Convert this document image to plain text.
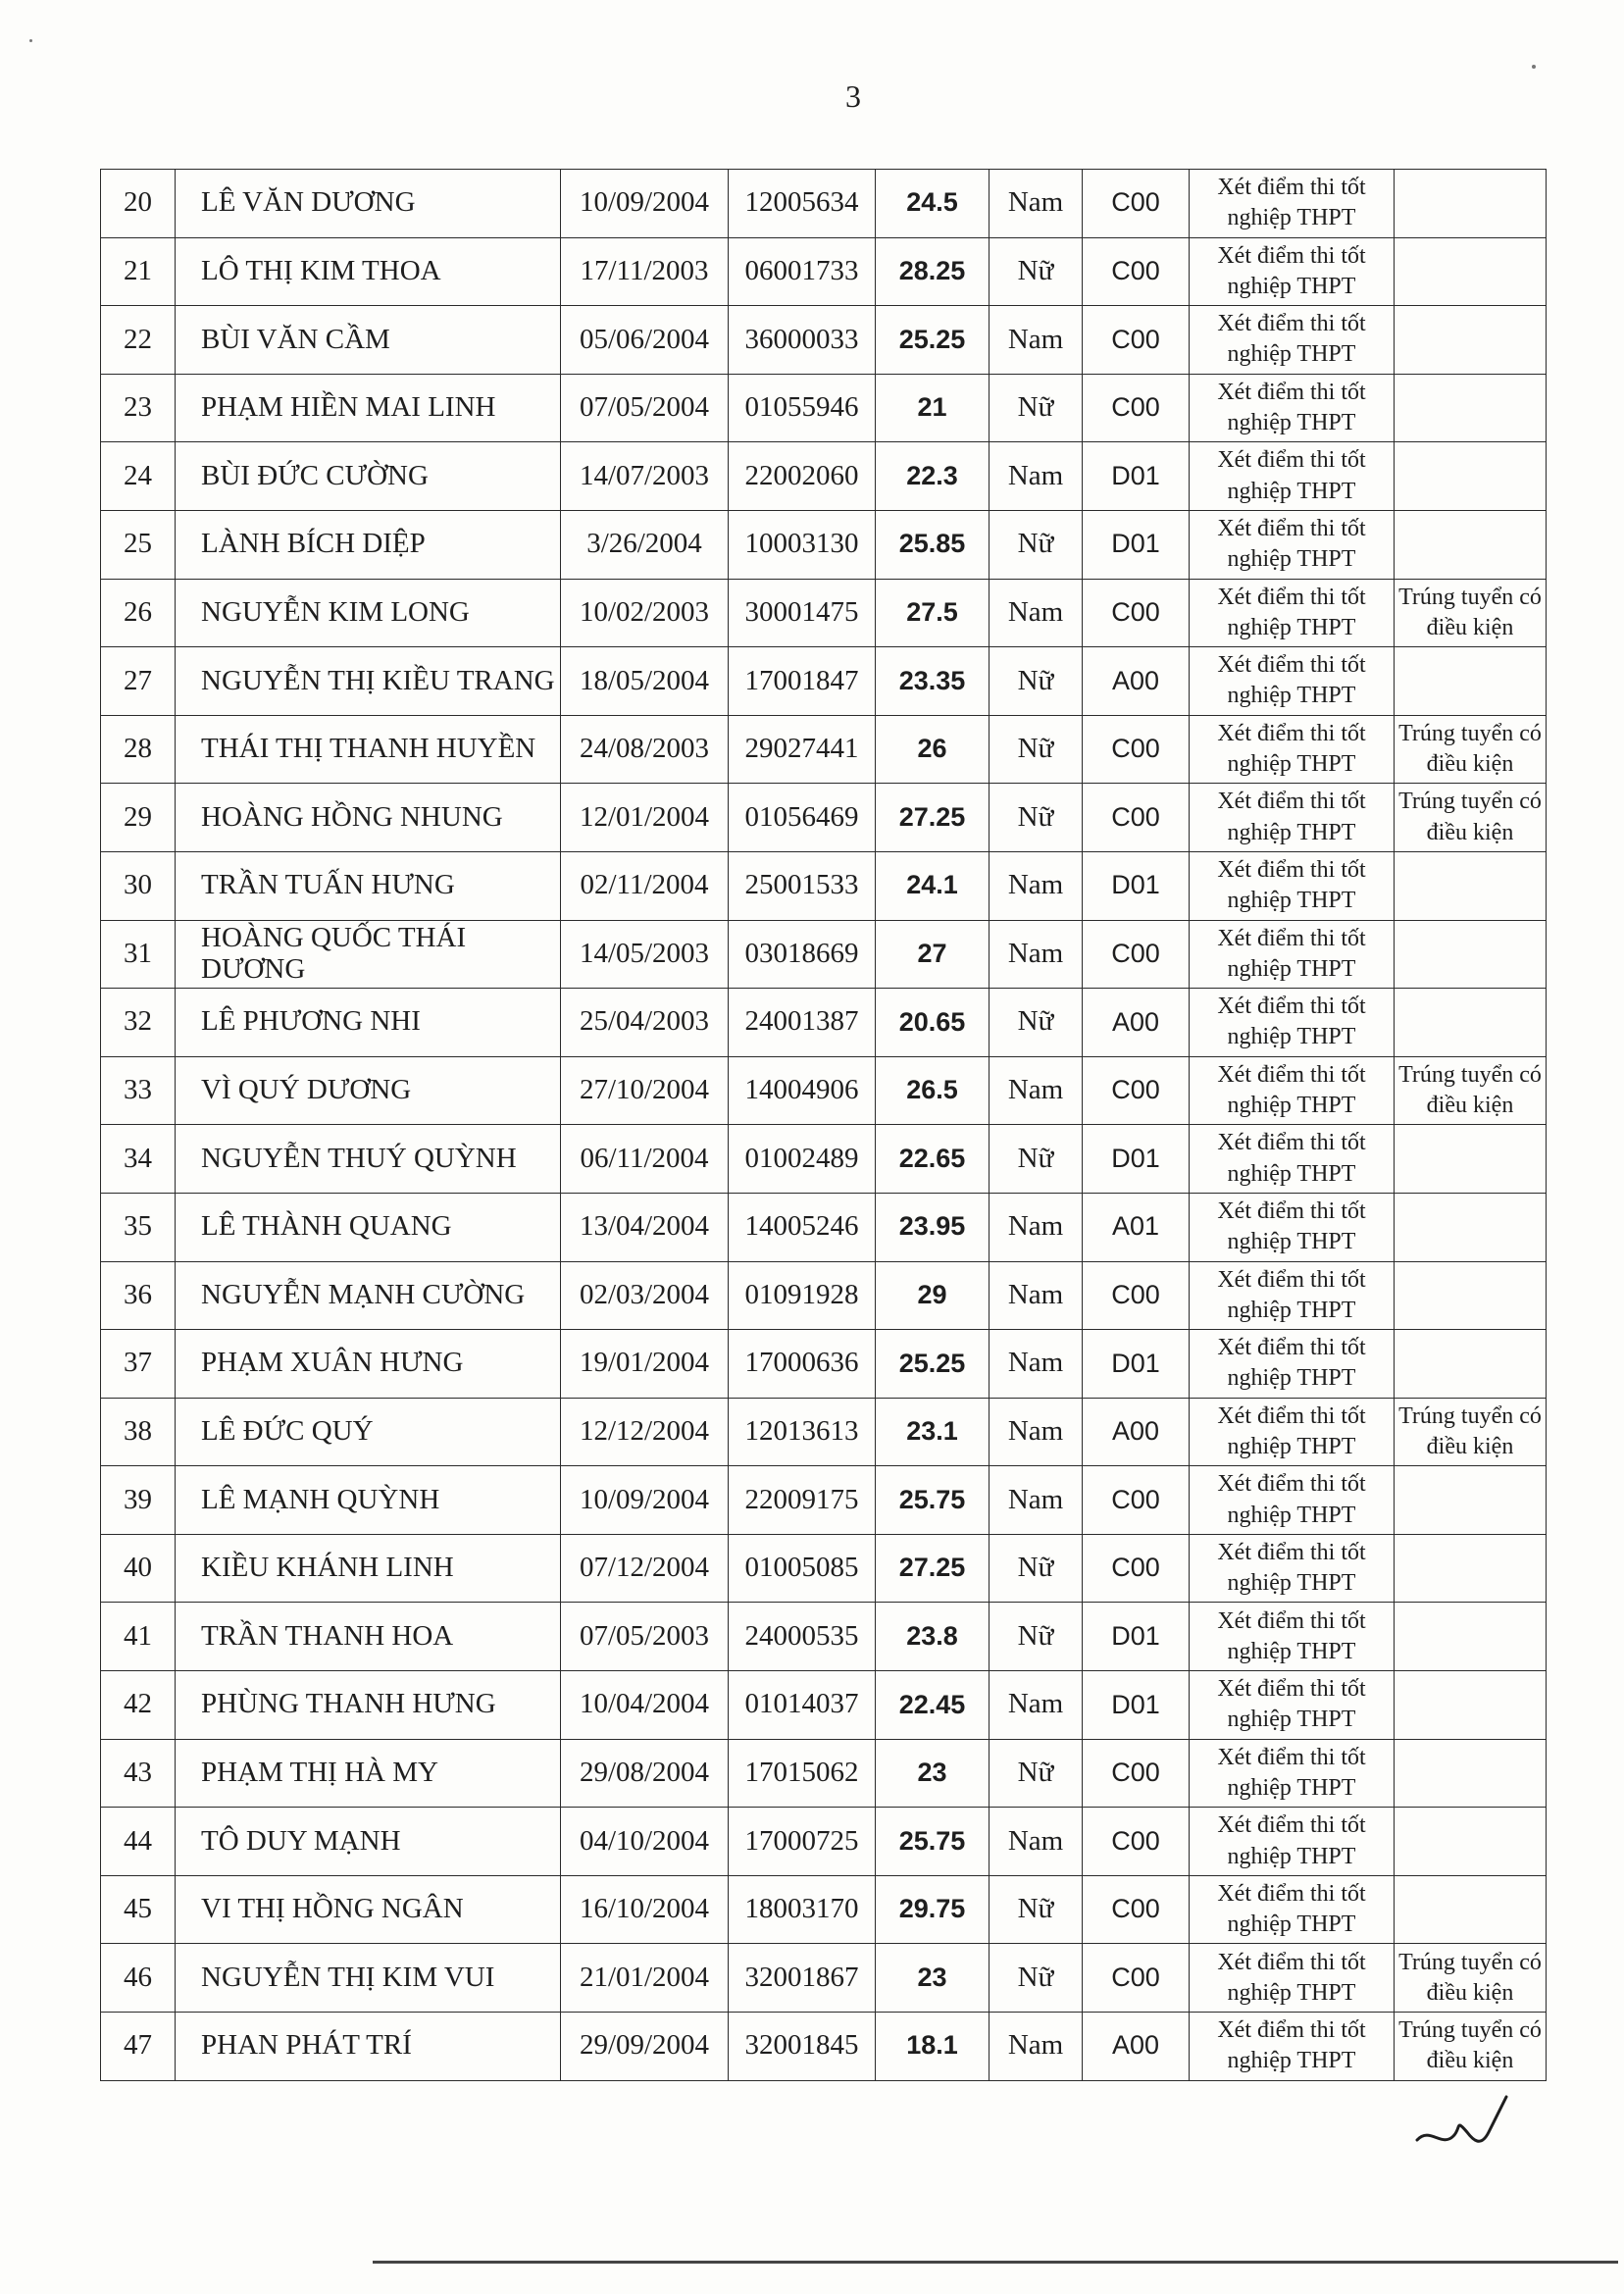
3
20	LÊ VĂN DƯƠNG	10/09/2004	12005634	24.5	Nam	C00	Xét điểm thi tốt nghiệp THPT	
21	LÔ THỊ KIM THOA	17/11/2003	06001733	28.25	Nữ	C00	Xét điểm thi tốt nghiệp THPT	
22	BÙI VĂN CẦM	05/06/2004	36000033	25.25	Nam	C00	Xét điểm thi tốt nghiệp THPT	
23	PHẠM HIỀN MAI LINH	07/05/2004	01055946	21	Nữ	C00	Xét điểm thi tốt nghiệp THPT	
24	BÙI ĐỨC CƯỜNG	14/07/2003	22002060	22.3	Nam	D01	Xét điểm thi tốt nghiệp THPT	
25	LÀNH BÍCH DIỆP	3/26/2004	10003130	25.85	Nữ	D01	Xét điểm thi tốt nghiệp THPT	
26	NGUYỄN KIM LONG	10/02/2003	30001475	27.5	Nam	C00	Xét điểm thi tốt nghiệp THPT	Trúng tuyển có điều kiện
27	NGUYỄN THỊ KIỀU TRANG	18/05/2004	17001847	23.35	Nữ	A00	Xét điểm thi tốt nghiệp THPT	
28	THÁI THỊ THANH HUYỀN	24/08/2003	29027441	26	Nữ	C00	Xét điểm thi tốt nghiệp THPT	Trúng tuyển có điều kiện
29	HOÀNG HỒNG NHUNG	12/01/2004	01056469	27.25	Nữ	C00	Xét điểm thi tốt nghiệp THPT	Trúng tuyển có điều kiện
30	TRẦN TUẤN HƯNG	02/11/2004	25001533	24.1	Nam	D01	Xét điểm thi tốt nghiệp THPT	
31	HOÀNG QUỐC THÁI DƯƠNG	14/05/2003	03018669	27	Nam	C00	Xét điểm thi tốt nghiệp THPT	
32	LÊ PHƯƠNG NHI	25/04/2003	24001387	20.65	Nữ	A00	Xét điểm thi tốt nghiệp THPT	
33	VÌ QUÝ DƯƠNG	27/10/2004	14004906	26.5	Nam	C00	Xét điểm thi tốt nghiệp THPT	Trúng tuyển có điều kiện
34	NGUYỄN THUÝ QUỲNH	06/11/2004	01002489	22.65	Nữ	D01	Xét điểm thi tốt nghiệp THPT	
35	LÊ THÀNH QUANG	13/04/2004	14005246	23.95	Nam	A01	Xét điểm thi tốt nghiệp THPT	
36	NGUYỄN MẠNH CƯỜNG	02/03/2004	01091928	29	Nam	C00	Xét điểm thi tốt nghiệp THPT	
37	PHẠM XUÂN HƯNG	19/01/2004	17000636	25.25	Nam	D01	Xét điểm thi tốt nghiệp THPT	
38	LÊ ĐỨC QUÝ	12/12/2004	12013613	23.1	Nam	A00	Xét điểm thi tốt nghiệp THPT	Trúng tuyển có điều kiện
39	LÊ MẠNH QUỲNH	10/09/2004	22009175	25.75	Nam	C00	Xét điểm thi tốt nghiệp THPT	
40	KIỀU KHÁNH LINH	07/12/2004	01005085	27.25	Nữ	C00	Xét điểm thi tốt nghiệp THPT	
41	TRẦN THANH HOA	07/05/2003	24000535	23.8	Nữ	D01	Xét điểm thi tốt nghiệp THPT	
42	PHÙNG THANH HƯNG	10/04/2004	01014037	22.45	Nam	D01	Xét điểm thi tốt nghiệp THPT	
43	PHẠM THỊ HÀ MY	29/08/2004	17015062	23	Nữ	C00	Xét điểm thi tốt nghiệp THPT	
44	TÔ DUY MẠNH	04/10/2004	17000725	25.75	Nam	C00	Xét điểm thi tốt nghiệp THPT	
45	VI THỊ HỒNG NGÂN	16/10/2004	18003170	29.75	Nữ	C00	Xét điểm thi tốt nghiệp THPT	
46	NGUYỄN THỊ KIM VUI	21/01/2004	32001867	23	Nữ	C00	Xét điểm thi tốt nghiệp THPT	Trúng tuyển có điều kiện
47	PHAN PHÁT TRÍ	29/09/2004	32001845	18.1	Nam	A00	Xét điểm thi tốt nghiệp THPT	Trúng tuyển có điều kiện
